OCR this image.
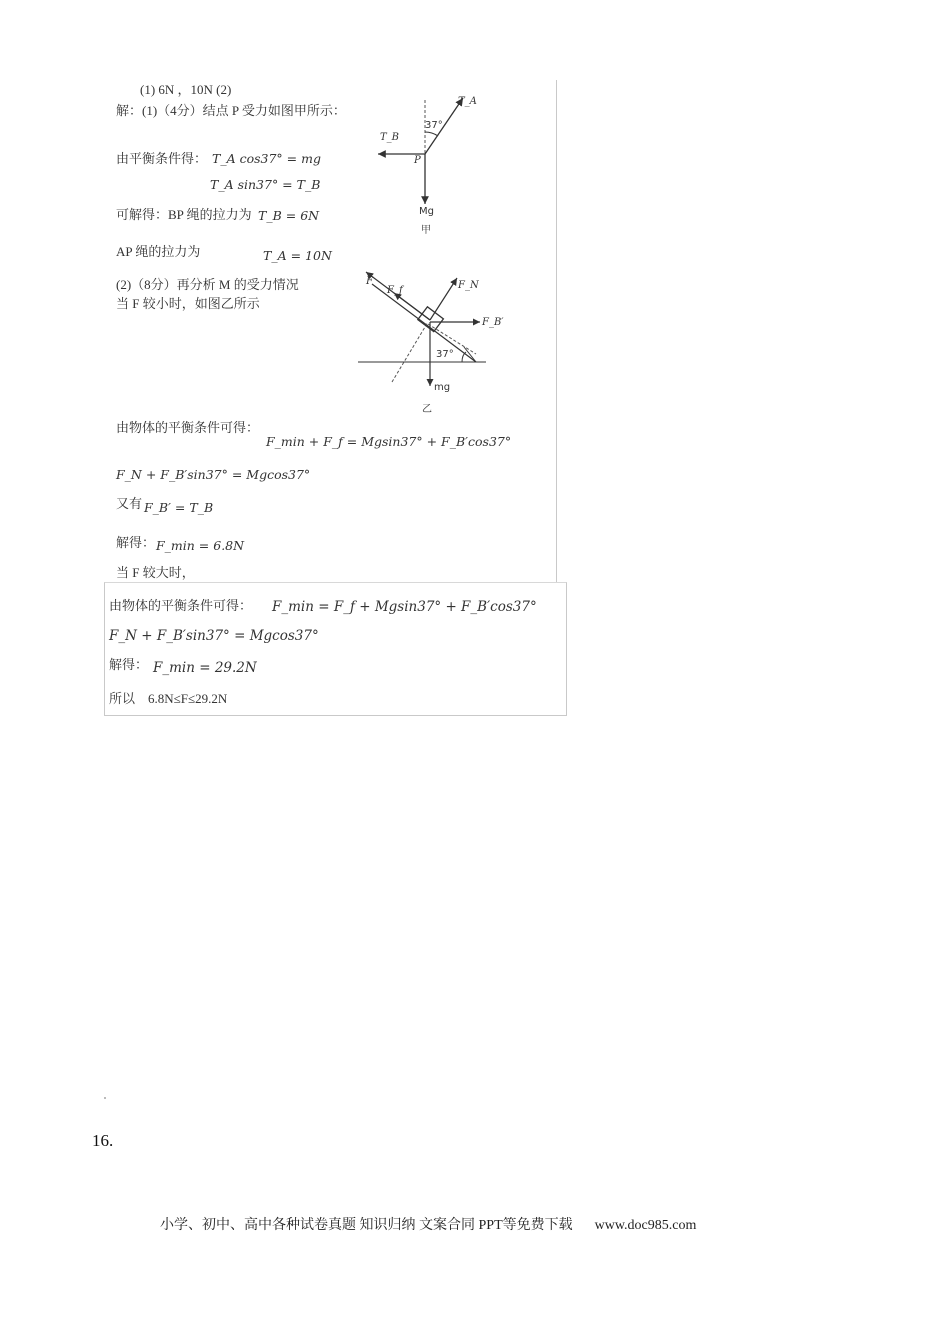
(1) 6N ，10N (2)
解：(1)（4分）结点 P 受力如图甲所示：
由平衡条件得： T_A cos37° = mg
T_A sin37° = T_B
可解得：BP 绳的拉力为 T_B = 6N
AP 绳的拉力为	T_A = 10N
(2)（8分）再分析 M 的受力情况
当 F 较小时，如图乙所示
由物体的平衡条件可得：
F_min + F_f = Mgsin37° + F_B′cos37°
F_N + F_B′sin37° = Mgcos37°
又有 F_B′ = T_B
解得： F_min = 6.8N
当 F 较大时，
由物体的平衡条件可得： F_min = F_f + Mgsin37° + F_B′cos37°
F_N + F_B′sin37° = Mgcos37°
解得： F_min = 29.2N
所以　6.8N≤F≤29.2N
37°
T_A
T_B
P
Mg
甲
F
F_f	F_N
F_B′
37°
mg
乙
16.
小学、初中、高中各种试卷真题 知识归纳 文案合同 PPT等免费下载 www.doc985.com
